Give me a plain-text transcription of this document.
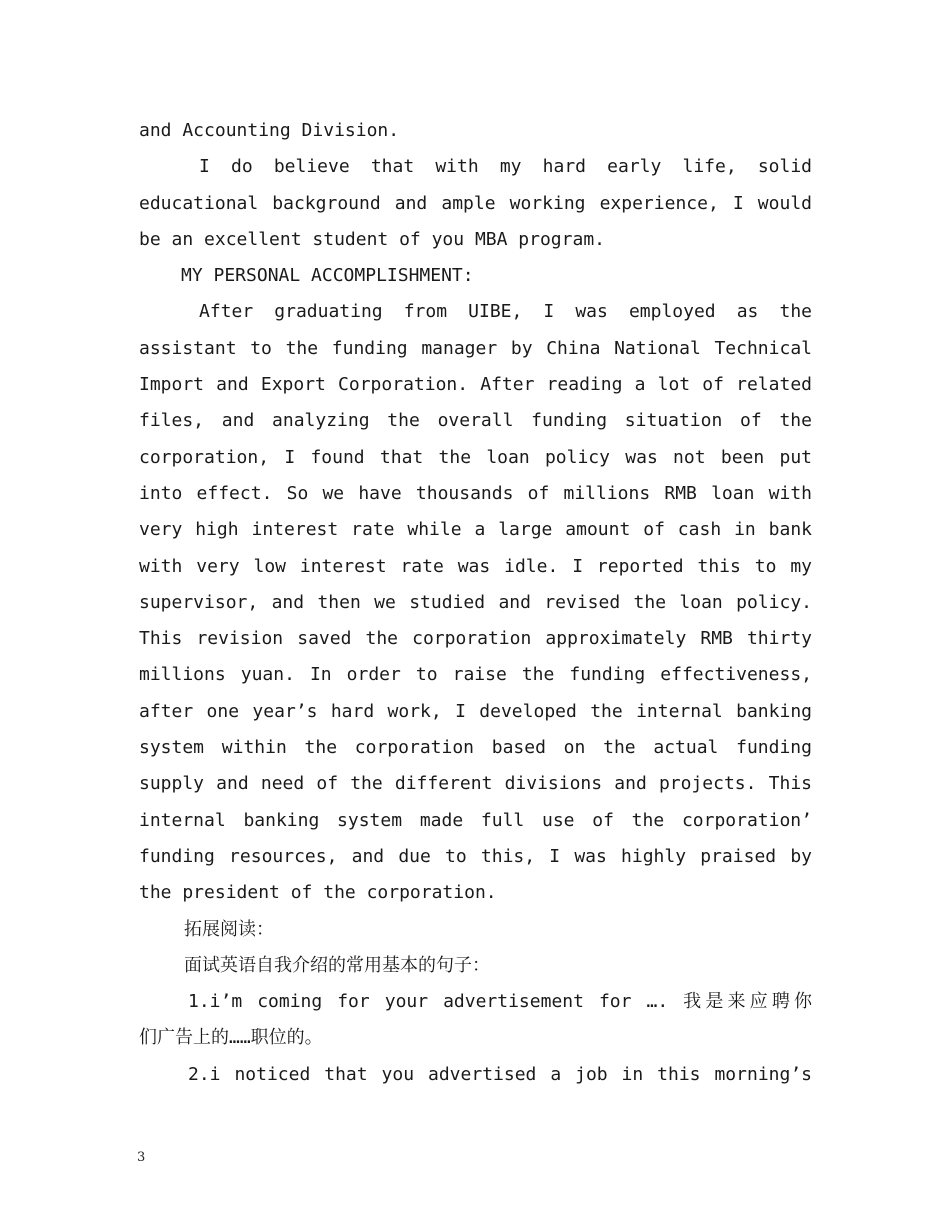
and Accounting Division.
I do believe that with my hard early life, solid
educational background and ample working experience, I would
be an excellent student of you MBA program.
MY PERSONAL ACCOMPLISHMENT:
After graduating from UIBE, I was employed as the
assistant to the funding manager by China National Technical
Import and Export Corporation. After reading a lot of related
files, and analyzing the overall funding situation of the
corporation, I found that the loan policy was not been put
into effect. So we have thousands of millions RMB loan with
very high interest rate while a large amount of cash in bank
with very low interest rate was idle. I reported this to my
supervisor, and then we studied and revised the loan policy.
This revision saved the corporation approximately RMB thirty
millions yuan. In order to raise the funding effectiveness,
after one year’s hard work, I developed the internal banking
system within the corporation based on the actual funding
supply and need of the different divisions and projects. This
internal banking system made full use of the corporation’
funding resources, and due to this, I was highly praised by
the president of the corporation.
拓展阅读：
面试英语自我介绍的常用基本的句子：
1.i’m coming for your advertisement for …. 我是来应聘你
们广告上的……职位的。
2.i noticed that you advertised a job in this morning’s
3
